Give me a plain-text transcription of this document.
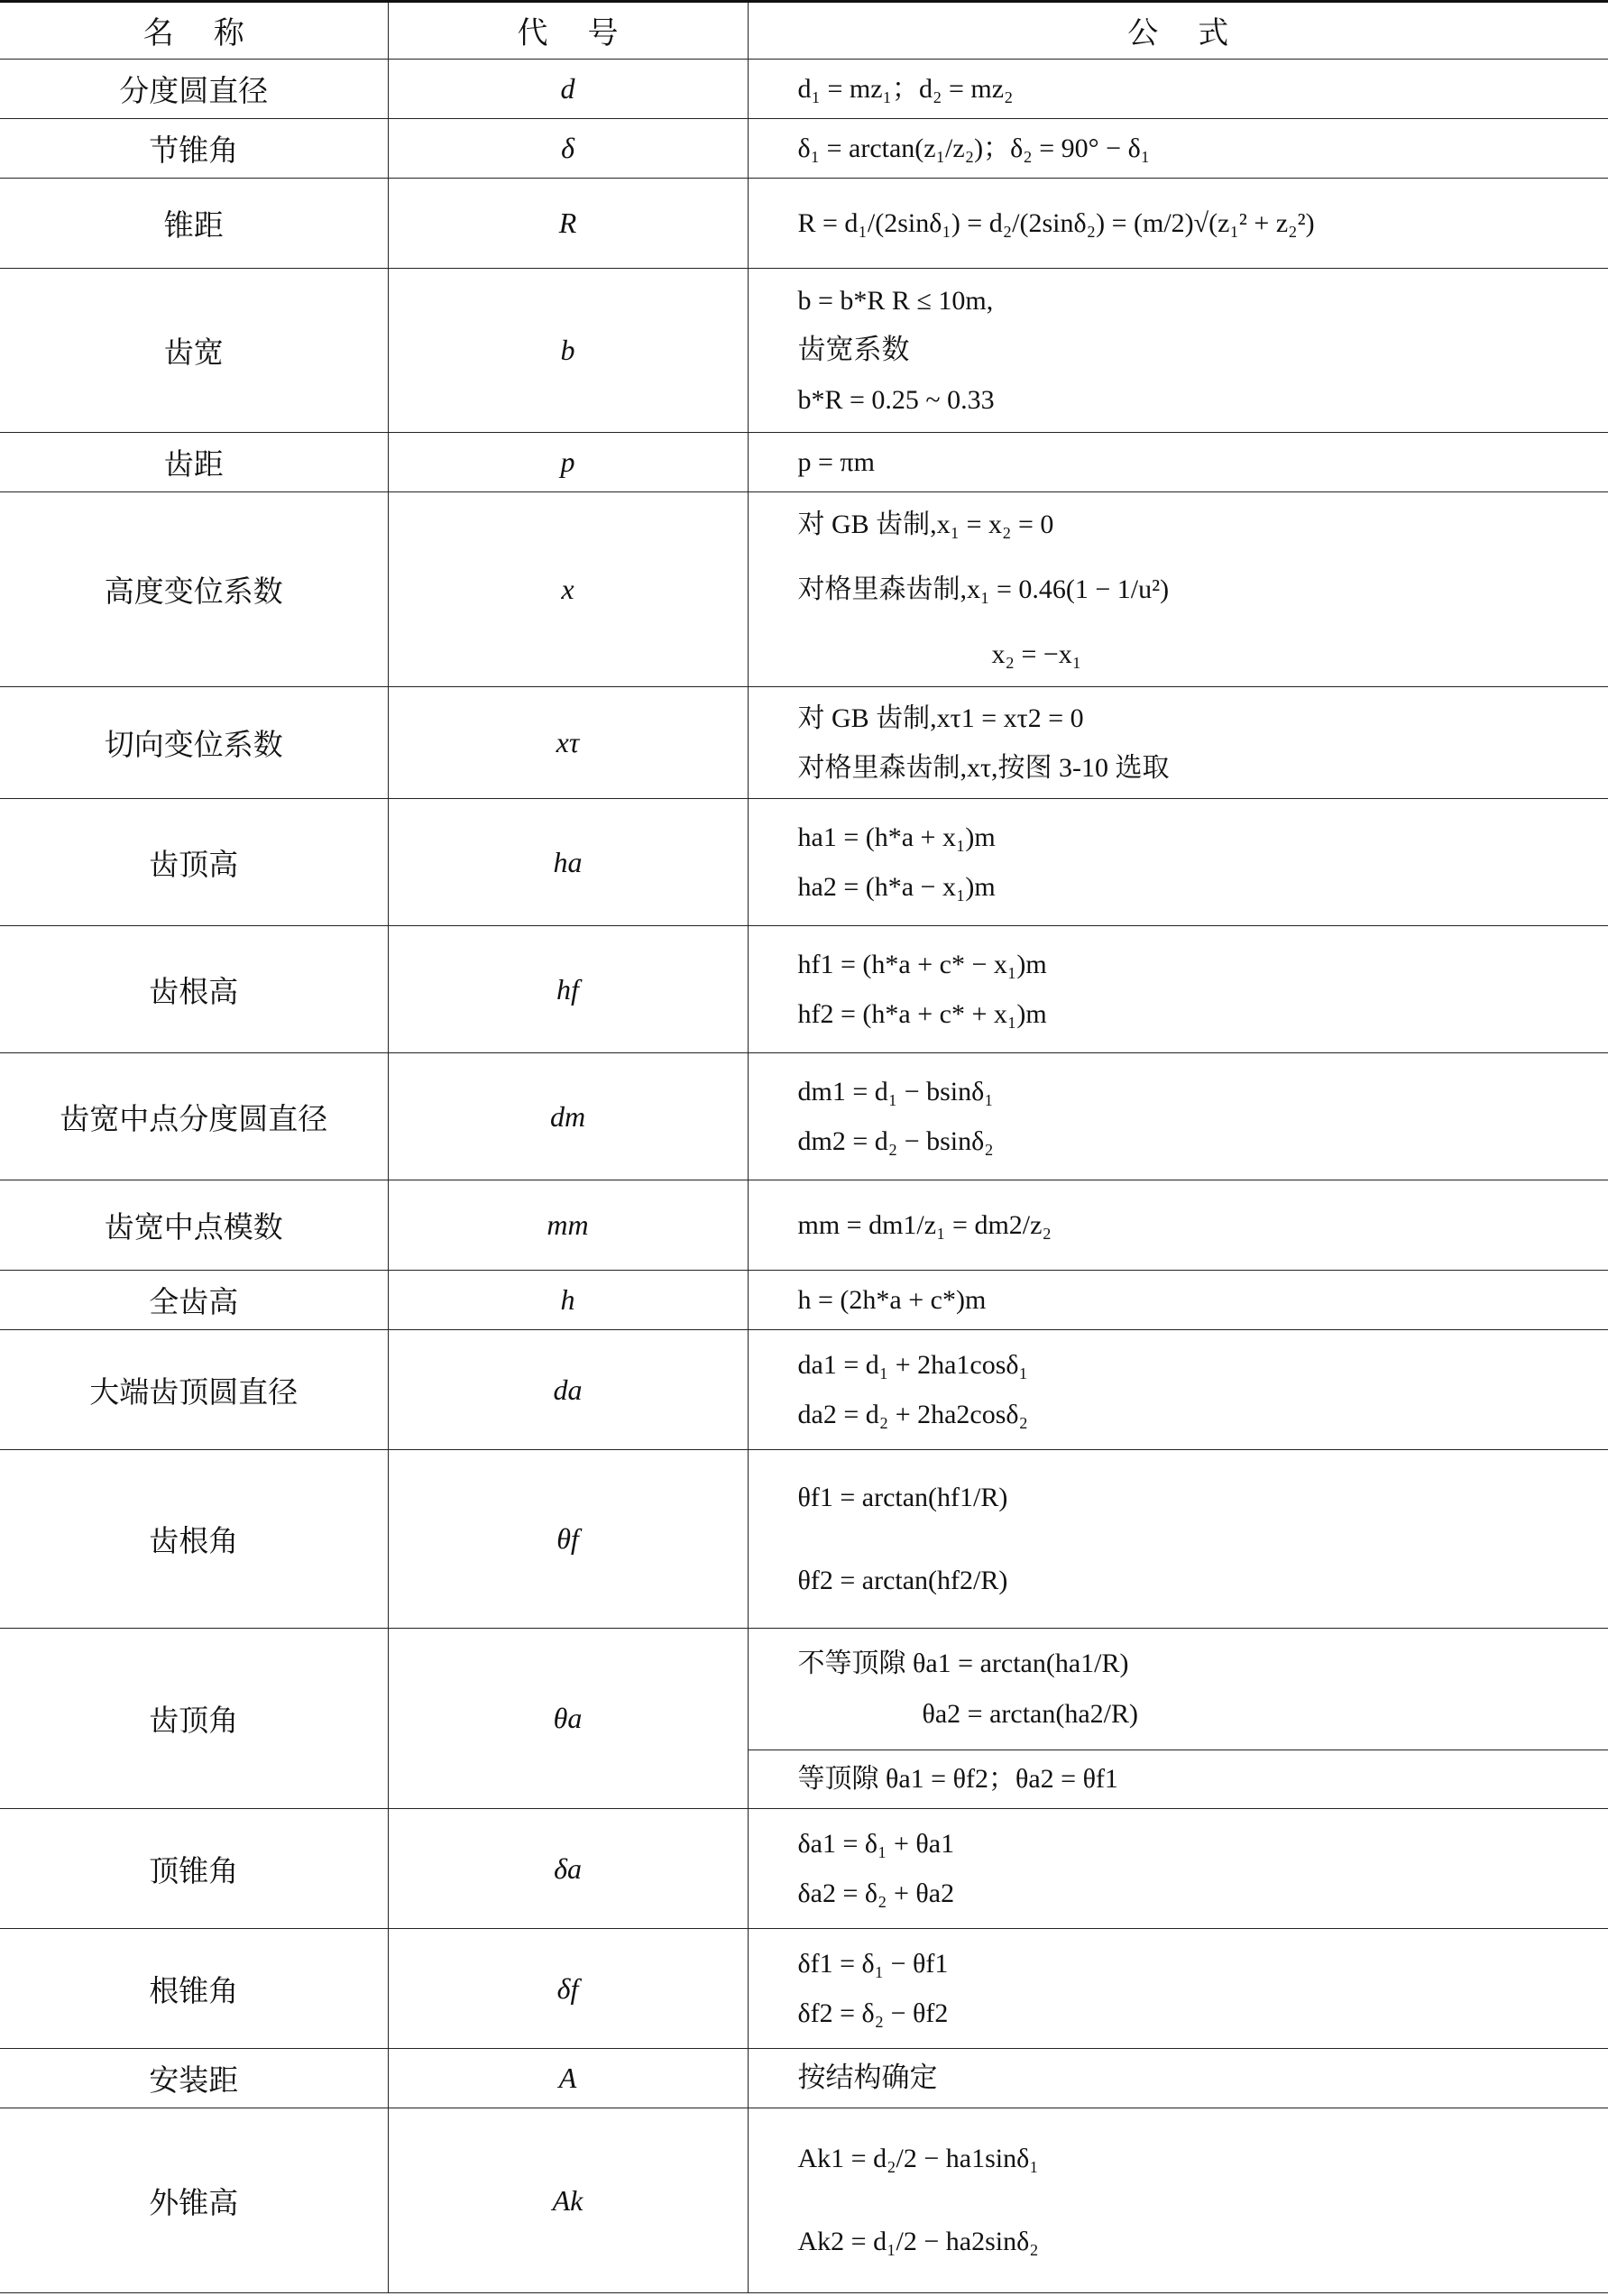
名称	代号	公式
分度圆直径	d	d₁ = mz₁；d₂ = mz₂

节锥角	δ	δ₁ = arctan(z₁/z₂)；δ₂ = 90° − δ₁

锥距	R	R = d₁/(2sinδ₁) = d₂/(2sinδ₂) = (m/2)√(z₁² + z₂²)

齿宽	b	b = b*R R ≤ 10m,
齿宽系数
b*R = 0.25 ~ 0.33

齿距	p	p = πm

高度变位系数	x	对 GB 齿制,x₁ = x₂ = 0
对格里森齿制,x₁ = 0.46(1 − 1/u²)
x₂ = −x₁

切向变位系数	xτ	对 GB 齿制,xτ1 = xτ2 = 0
对格里森齿制,xτ,按图 3-10 选取

齿顶高	ha	ha1 = (h*a + x₁)m
ha2 = (h*a − x₁)m

齿根高	hf	hf1 = (h*a + c* − x₁)m
hf2 = (h*a + c* + x₁)m

齿宽中点分度圆直径	dm	dm1 = d₁ − bsinδ₁
dm2 = d₂ − bsinδ₂

齿宽中点模数	mm	mm = dm1/z₁ = dm2/z₂

全齿高	h	h = (2h*a + c*)m

大端齿顶圆直径	da	da1 = d₁ + 2ha1cosδ₁
da2 = d₂ + 2ha2cosδ₂

齿根角	θf	θf1 = arctan(hf1/R)
θf2 = arctan(hf2/R)

齿顶角	θa	不等顶隙 θa1 = arctan(ha1/R)
θa2 = arctan(ha2/R)
等顶隙 θa1 = θf2；θa2 = θf1

顶锥角	δa	δa1 = δ₁ + θa1
δa2 = δ₂ + θa2

根锥角	δf	δf1 = δ₁ − θf1
δf2 = δ₂ − θf2

安装距	A	按结构确定

外锥高	Ak	Ak1 = d₂/2 − ha1sinδ₁
Ak2 = d₁/2 − ha2sinδ₂
